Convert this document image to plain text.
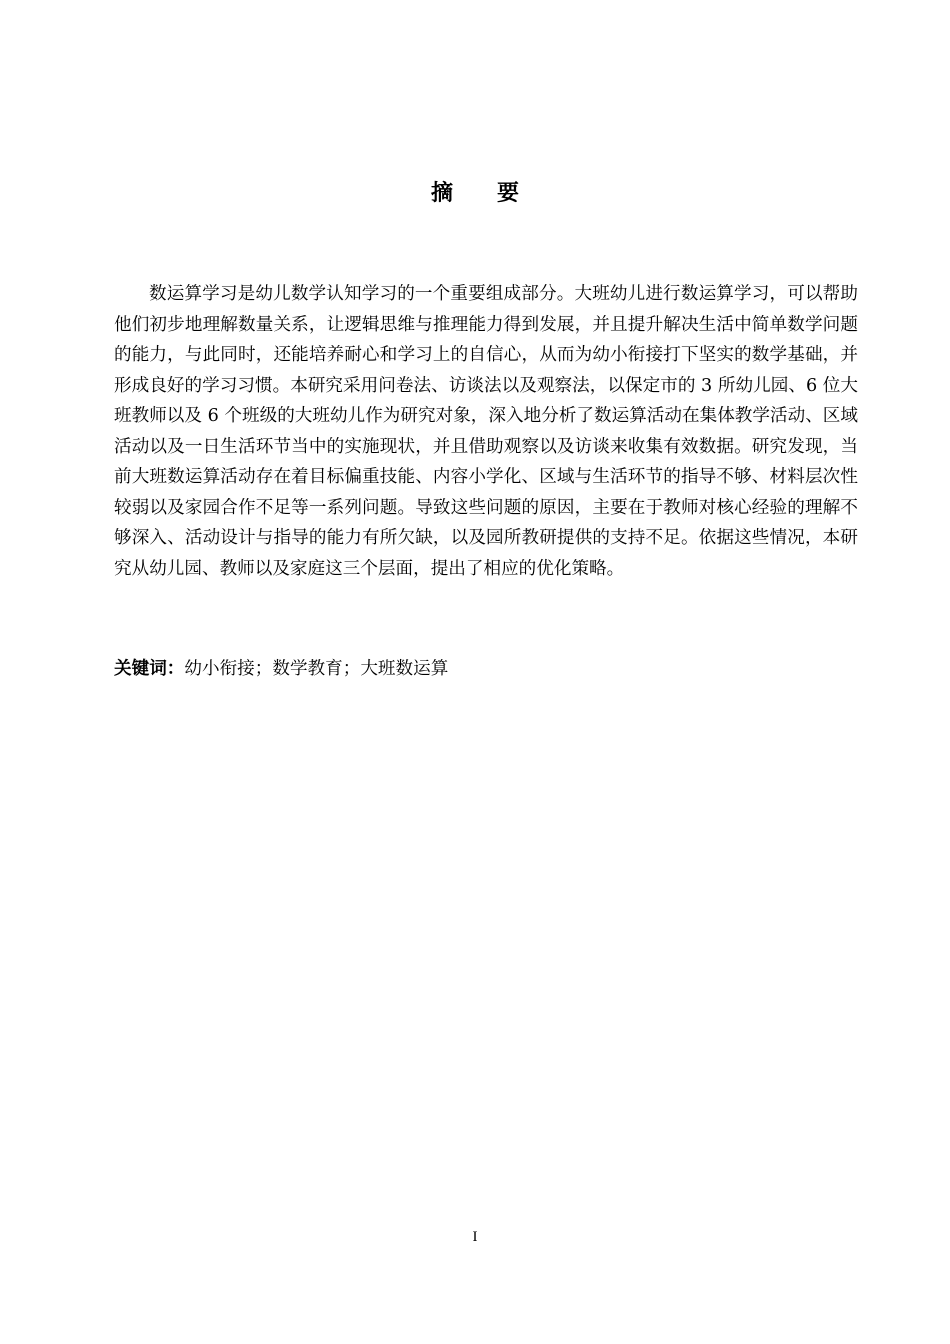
摘 要

数运算学习是幼儿数学认知学习的一个重要组成部分。大班幼儿进行数运算学习，可以帮助他们初步地理解数量关系，让逻辑思维与推理能力得到发展，并且提升解决生活中简单数学问题的能力，与此同时，还能培养耐心和学习上的自信心，从而为幼小衔接打下坚实的数学基础，并形成良好的学习习惯。本研究采用问卷法、访谈法以及观察法，以保定市的 3 所幼儿园、6 位大班教师以及 6 个班级的大班幼儿作为研究对象，深入地分析了数运算活动在集体教学活动、区域活动以及一日生活环节当中的实施现状，并且借助观察以及访谈来收集有效数据。研究发现，当前大班数运算活动存在着目标偏重技能、内容小学化、区域与生活环节的指导不够、材料层次性较弱以及家园合作不足等一系列问题。导致这些问题的原因，主要在于教师对核心经验的理解不够深入、活动设计与指导的能力有所欠缺，以及园所教研提供的支持不足。依据这些情况，本研究从幼儿园、教师以及家庭这三个层面，提出了相应的优化策略。

关键词：幼小衔接；数学教育；大班数运算
I
